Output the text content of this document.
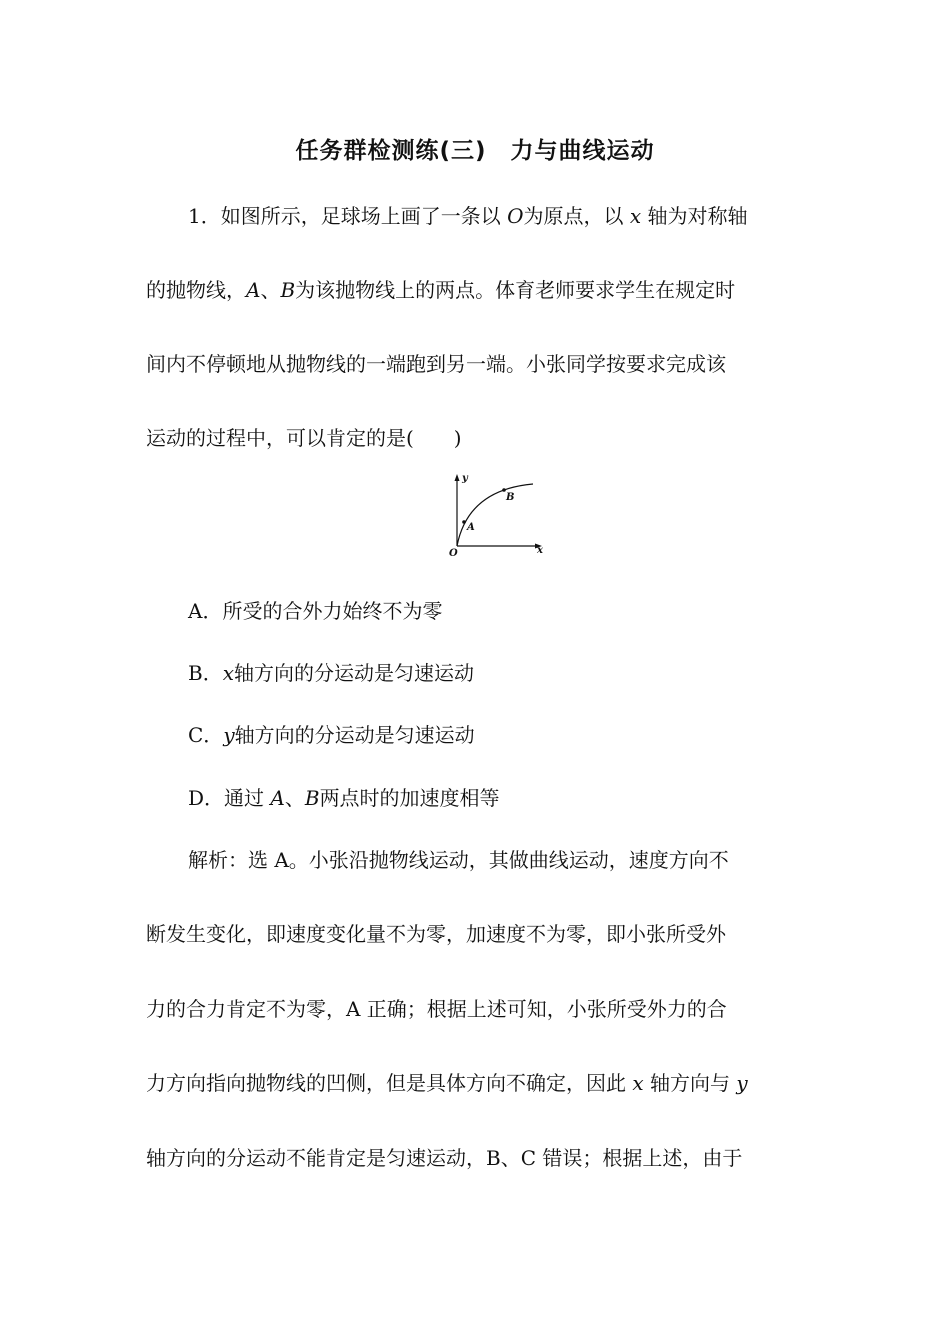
任务群检测练(三)　力与曲线运动
1．如图所示，足球场上画了一条以 O为原点，以 x 轴为对称轴
的抛物线，A、B为该抛物线上的两点。体育老师要求学生在规定时
间内不停顿地从抛物线的一端跑到另一端。小张同学按要求完成该
运动的过程中，可以肯定的是(　　)
y
x
O
A
B
A．所受的合外力始终不为零
B．x轴方向的分运动是匀速运动
C．y轴方向的分运动是匀速运动
D．通过 A、B两点时的加速度相等
解析：选 A。小张沿抛物线运动，其做曲线运动，速度方向不
断发生变化，即速度变化量不为零，加速度不为零，即小张所受外
力的合力肯定不为零，A 正确；根据上述可知，小张所受外力的合
力方向指向抛物线的凹侧，但是具体方向不确定，因此 x 轴方向与 y
轴方向的分运动不能肯定是匀速运动，B、C 错误；根据上述，由于
